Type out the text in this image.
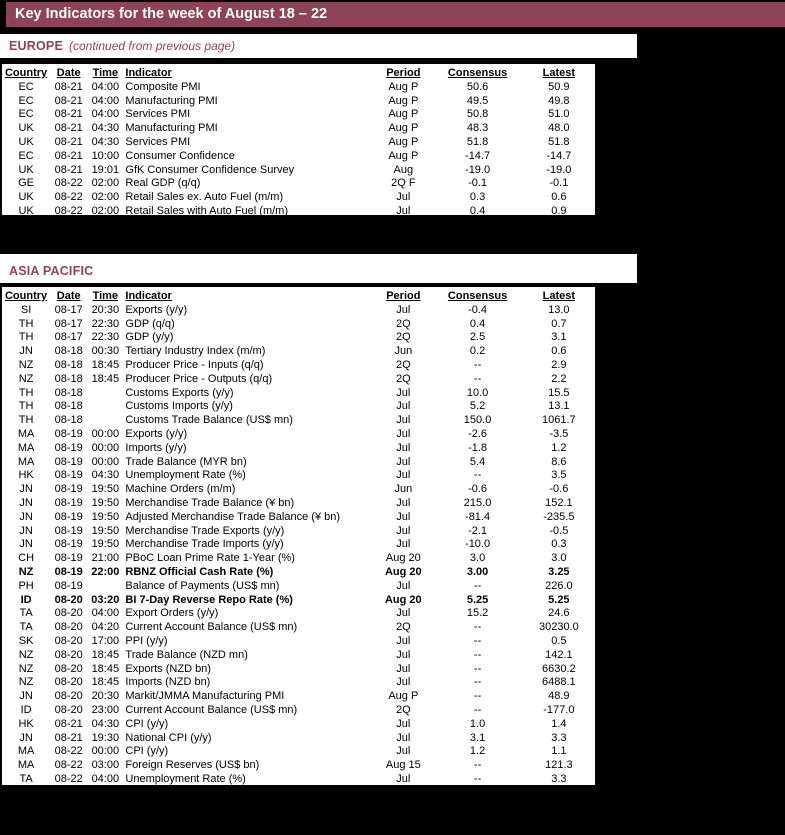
Key Indicators for the week of August 18 – 22
EUROPE (continued from previous page)
Country	Date	Time	Indicator	Period	Consensus	Latest
EC	08-21	04:00	Composite PMI	Aug P	50.6	50.9
EC	08-21	04:00	Manufacturing PMI	Aug P	49.5	49.8
EC	08-21	04:00	Services PMI	Aug P	50.8	51.0
UK	08-21	04:30	Manufacturing PMI	Aug P	48.3	48.0
UK	08-21	04:30	Services PMI	Aug P	51.8	51.8
EC	08-21	10:00	Consumer Confidence	Aug P	-14.7	-14.7
UK	08-21	19:01	GfK Consumer Confidence Survey	Aug	-19.0	-19.0
GE	08-22	02:00	Real GDP (q/q)	2Q F	-0.1	-0.1
UK	08-22	02:00	Retail Sales ex. Auto Fuel (m/m)	Jul	0.3	0.6
UK	08-22	02:00	Retail Sales with Auto Fuel (m/m)	Jul	0.4	0.9
ASIA PACIFIC
Country	Date	Time	Indicator	Period	Consensus	Latest
SI	08-17	20:30	Exports (y/y)	Jul	-0.4	13.0
TH	08-17	22:30	GDP (q/q)	2Q	0.4	0.7
TH	08-17	22:30	GDP (y/y)	2Q	2.5	3.1
JN	08-18	00:30	Tertiary Industry Index (m/m)	Jun	0.2	0.6
NZ	08-18	18:45	Producer Price - Inputs (q/q)	2Q	--	2.9
NZ	08-18	18:45	Producer Price - Outputs (q/q)	2Q	--	2.2
TH	08-18		Customs Exports (y/y)	Jul	10.0	15.5
TH	08-18		Customs Imports (y/y)	Jul	5.2	13.1
TH	08-18		Customs Trade Balance (US$ mn)	Jul	150.0	1061.7
MA	08-19	00:00	Exports (y/y)	Jul	-2.6	-3.5
MA	08-19	00:00	Imports (y/y)	Jul	-1.8	1.2
MA	08-19	00:00	Trade Balance (MYR bn)	Jul	5.4	8.6
HK	08-19	04:30	Unemployment Rate (%)	Jul	--	3.5
JN	08-19	19:50	Machine Orders (m/m)	Jun	-0.6	-0.6
JN	08-19	19:50	Merchandise Trade Balance (¥ bn)	Jul	215.0	152.1
JN	08-19	19:50	Adjusted Merchandise Trade Balance (¥ bn)	Jul	-81.4	-235.5
JN	08-19	19:50	Merchandise Trade Exports (y/y)	Jul	-2.1	-0.5
JN	08-19	19:50	Merchandise Trade Imports (y/y)	Jul	-10.0	0.3
CH	08-19	21:00	PBoC Loan Prime Rate 1-Year (%)	Aug 20	3.0	3.0
NZ	08-19	22:00	RBNZ Official Cash Rate (%)	Aug 20	3.00	3.25
PH	08-19		Balance of Payments (US$ mn)	Jul	--	226.0
ID	08-20	03:20	BI 7-Day Reverse Repo Rate (%)	Aug 20	5.25	5.25
TA	08-20	04:00	Export Orders (y/y)	Jul	15.2	24.6
TA	08-20	04:20	Current Account Balance (US$ mn)	2Q	--	30230.0
SK	08-20	17:00	PPI (y/y)	Jul	--	0.5
NZ	08-20	18:45	Trade Balance (NZD mn)	Jul	--	142.1
NZ	08-20	18:45	Exports (NZD bn)	Jul	--	6630.2
NZ	08-20	18:45	Imports (NZD bn)	Jul	--	6488.1
JN	08-20	20:30	Markit/JMMA Manufacturing PMI	Aug P	--	48.9
ID	08-20	23:00	Current Account Balance (US$ mn)	2Q	--	-177.0
HK	08-21	04:30	CPI (y/y)	Jul	1.0	1.4
JN	08-21	19:30	National CPI (y/y)	Jul	3.1	3.3
MA	08-22	00:00	CPI (y/y)	Jul	1.2	1.1
MA	08-22	03:00	Foreign Reserves (US$ bn)	Aug 15	--	121.3
TA	08-22	04:00	Unemployment Rate (%)	Jul	--	3.3
